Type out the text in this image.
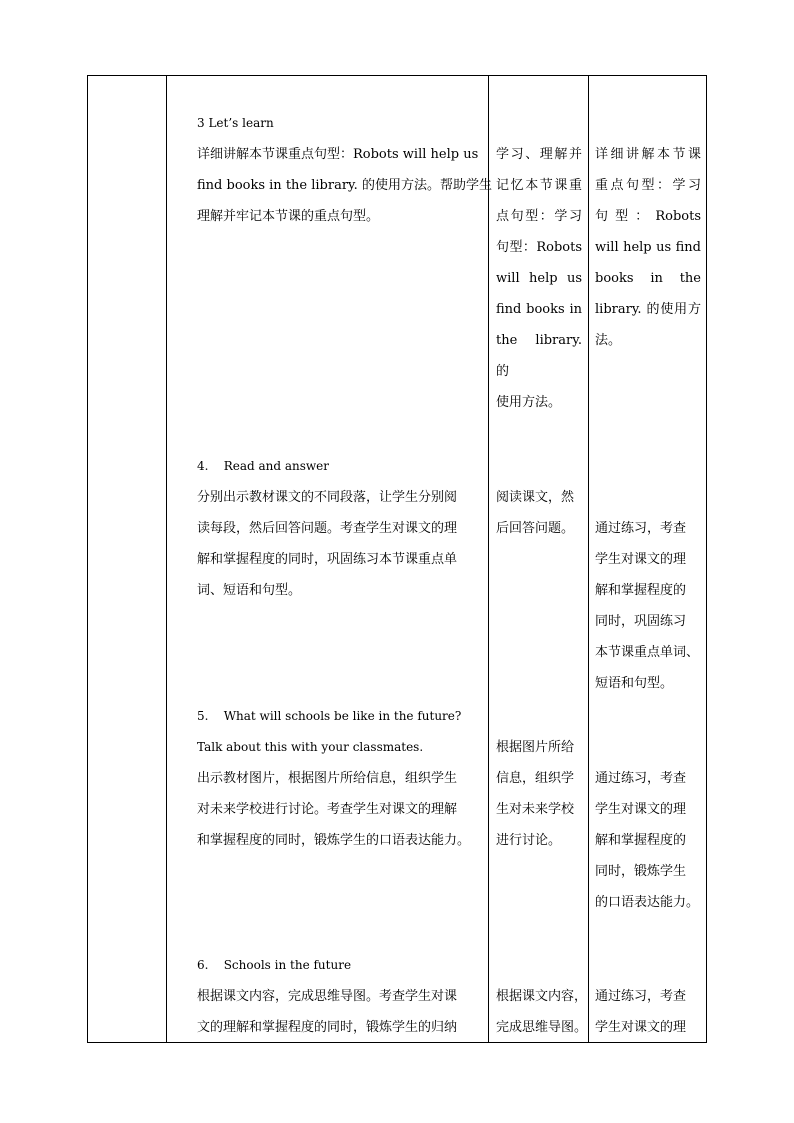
3 Let’s learn

详细讲解本节课重点句型：Robots will help us

find books in the library. 的使用方法。帮助学生

理解并牢记本节课的重点句型。

学习、理解并

记忆本节课重

点句型：学习

句型：Robots

will help us

find books in

the library. 的

使用方法。

详细讲解本节课

重点句型：学习

句 型 ： Robots

will help us find

books in the

library. 的使用方

法。

4.    Read and answer

分别出示教材课文的不同段落，让学生分别阅

读每段，然后回答问题。考查学生对课文的理

解和掌握程度的同时，巩固练习本节课重点单

词、短语和句型。

阅读课文，然

后回答问题。	通过练习，考查

学生对课文的理

解和掌握程度的

同时，巩固练习

本节课重点单词、

短语和句型。

5.    What will schools be like in the future?

Talk about this with your classmates.

出示教材图片，根据图片所给信息，组织学生

对未来学校进行讨论。考查学生对课文的理解

和掌握程度的同时，锻炼学生的口语表达能力。

根据图片所给

信息，组织学

生对未来学校

进行讨论。

通过练习，考查

学生对课文的理

解和掌握程度的

同时，锻炼学生

的口语表达能力。

6.    Schools in the future

根据课文内容，完成思维导图。考查学生对课

文的理解和掌握程度的同时，锻炼学生的归纳

根据课文内容，

完成思维导图。

通过练习，考查

学生对课文的理
